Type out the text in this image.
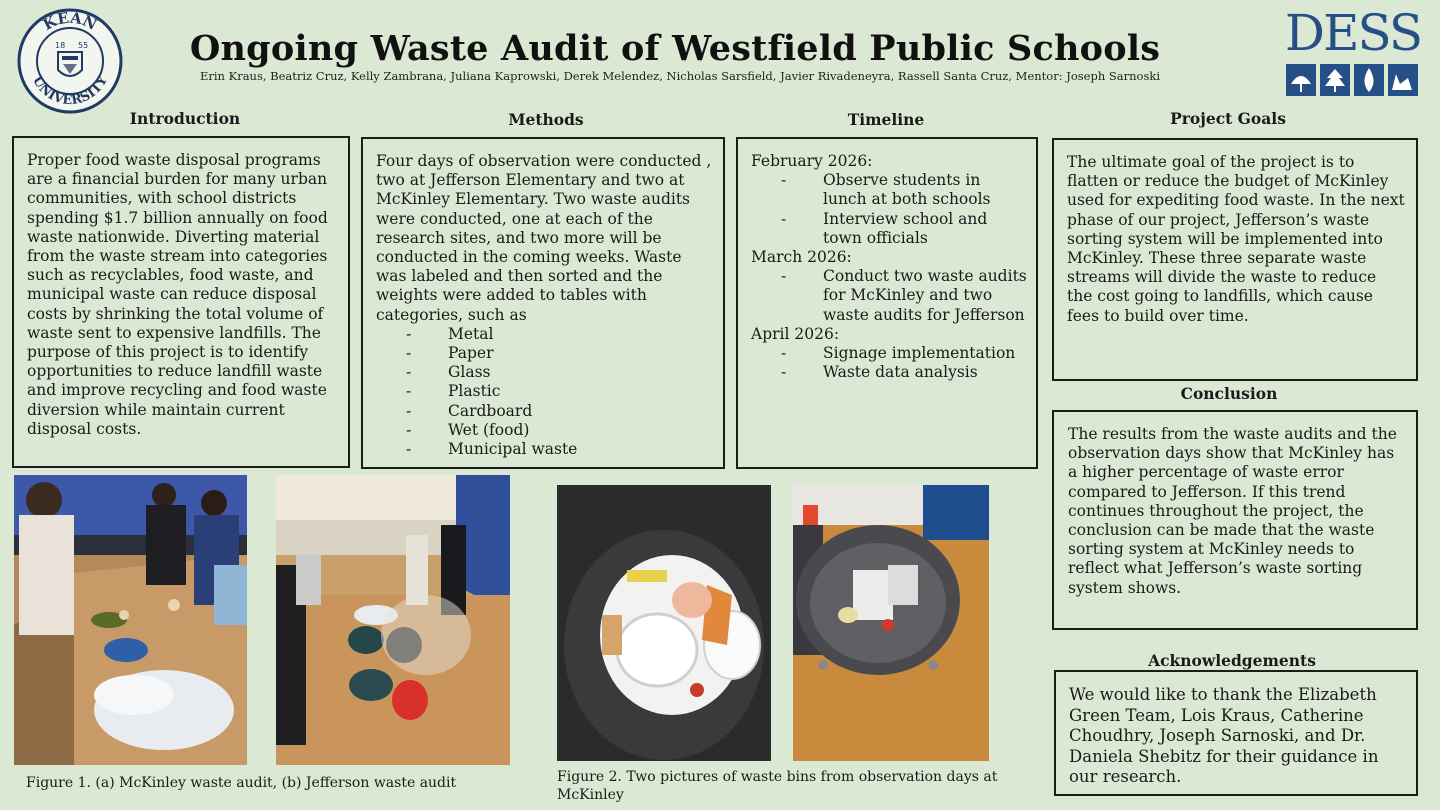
KEAN
UNIVERSITY
18 55	DESS
Ongoing Waste Audit of Westfield Public Schools
Erin Kraus, Beatriz Cruz, Kelly Zambrana, Juliana Kaprowski, Derek Melendez, Nicholas Sarsfield, Javier Rivadeneyra, Rassell Santa Cruz, Mentor: Joseph Sarnoski
Introduction

Proper food waste disposal programs are a financial burden for many urban communities, with school districts spending $1.7 billion annually on food waste nationwide. Diverting material from the waste stream into categories such as recyclables, food waste, and municipal waste can reduce disposal costs by shrinking the total volume of waste sent to expensive landfills. The purpose of this project is to identify opportunities to reduce landfill waste and improve recycling and food waste diversion while maintain current disposal costs.

Methods

Four days of observation were conducted , two at Jefferson Elementary and two at McKinley Elementary. Two waste audits were conducted, one at each of the research sites, and two more will be conducted in the coming weeks. Waste was labeled and then sorted and the weights were added to tables with categories, such as

- Metal
- Paper
- Glass
- Plastic
- Cardboard
- Wet (food)
- Municipal waste
Timeline
February 2026:
- Observe students in lunch at both schools
- Interview school and town officials
March 2026:
- Conduct two waste audits for McKinley and two waste audits for Jefferson
April 2026:
- Signage implementation
- Waste data analysis
Project Goals

The ultimate goal of the project is to flatten or reduce the budget of McKinley used for expediting food waste. In the next phase of our project, Jefferson’s waste sorting system will be implemented into McKinley. These three separate waste streams will divide the waste to reduce the cost going to landfills, which cause fees to build over time.

Conclusion

The results from the waste audits and the observation days show that McKinley has a higher percentage of waste error compared to Jefferson. If this trend continues throughout the project, the conclusion can be made that the waste sorting system at McKinley needs to reflect what Jefferson’s waste sorting system shows.

Acknowledgements

We would like to thank the Elizabeth Green Team, Lois Kraus, Catherine Choudhry, Joseph Sarnoski, and Dr. Daniela Shebitz for their guidance in our research.

Figure 1. (a) McKinley waste audit, (b) Jefferson waste audit	Figure 2. Two pictures of waste bins from observation days at McKinley
